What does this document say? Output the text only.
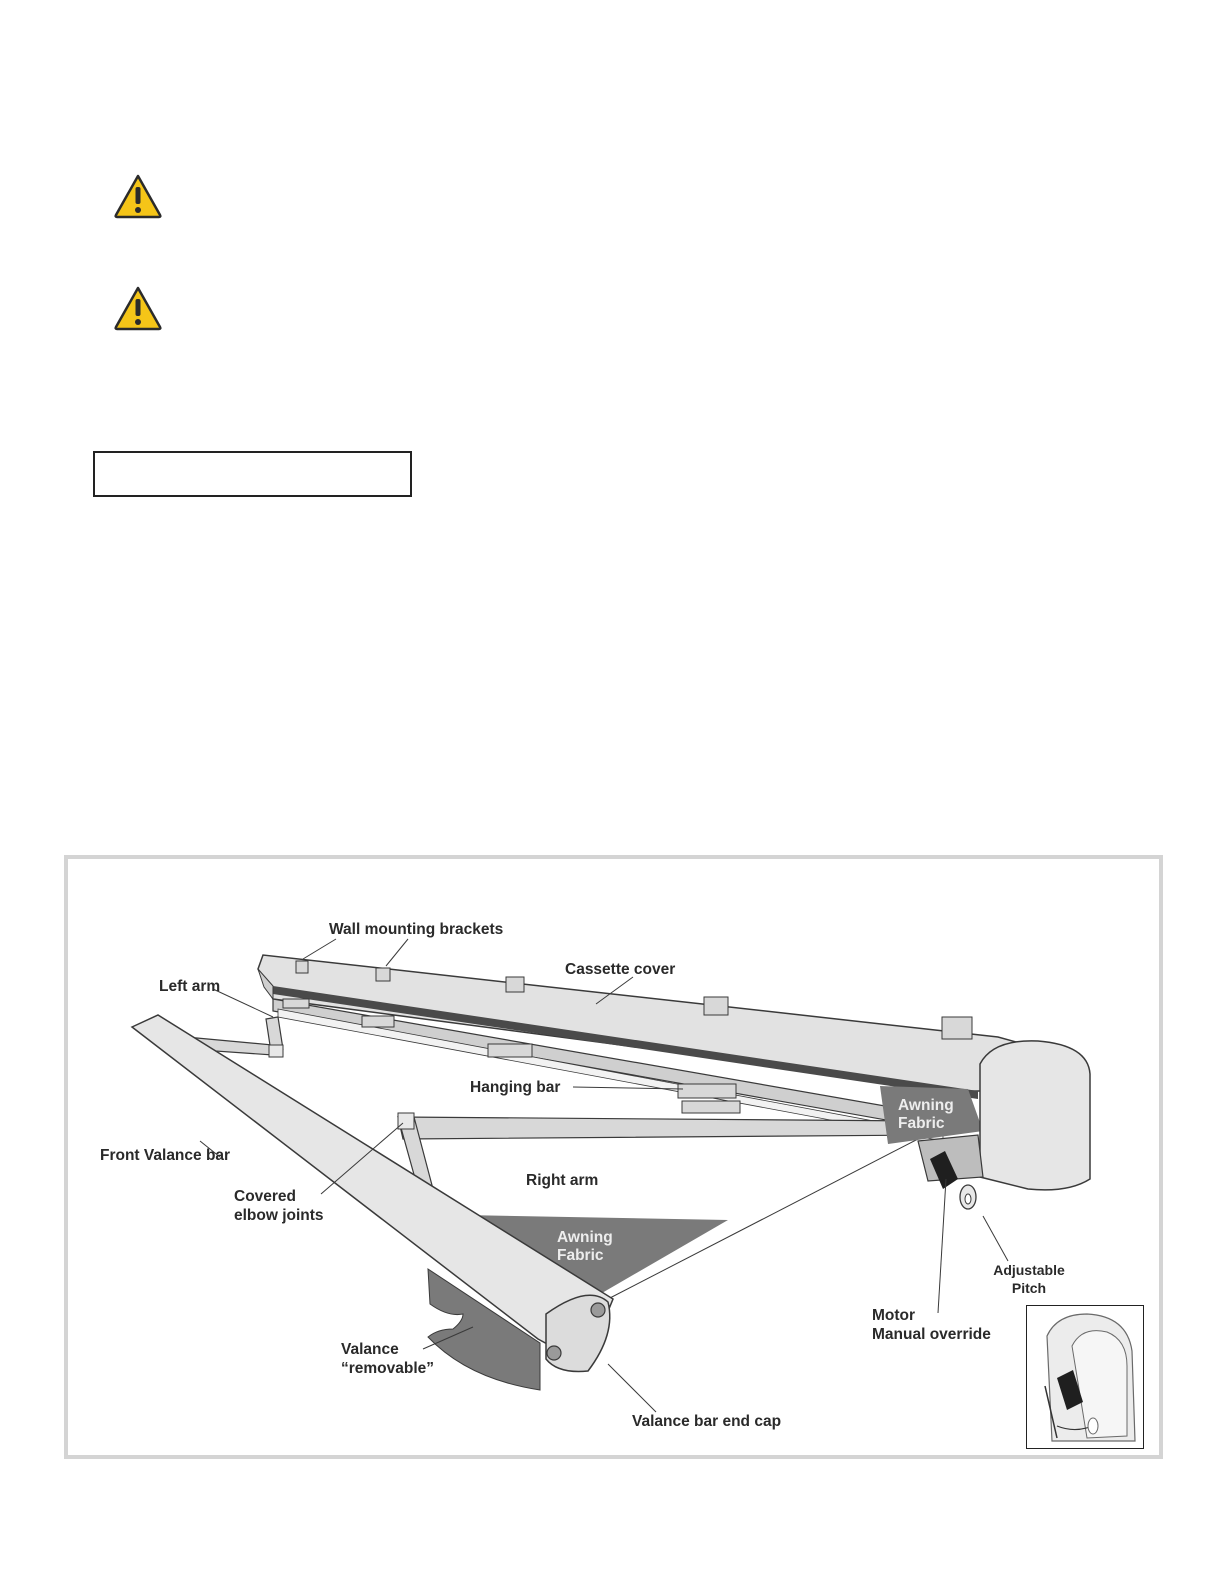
Wall mounting brackets
Cassette cover
Left arm
Hanging bar
Awning
Fabric
Front Valance bar
Covered
elbow joints
Right arm
Awning
Fabric
Adjustable
Pitch
Motor
Manual override
Valance
“removable”
Valance bar end cap
